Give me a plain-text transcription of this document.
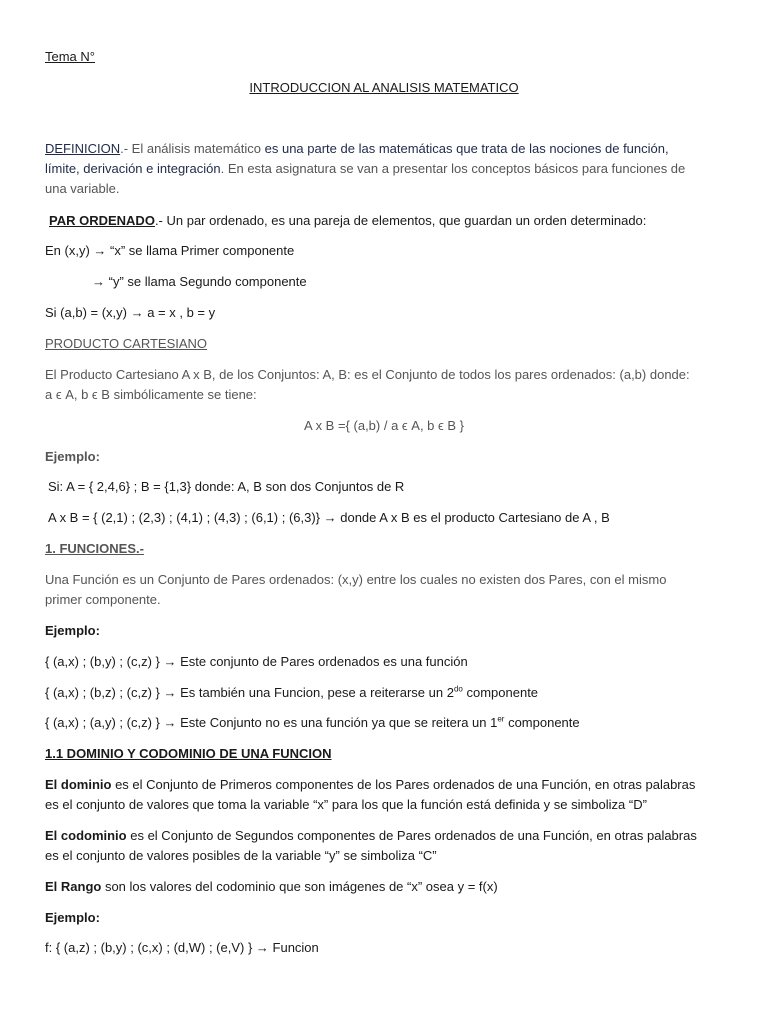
Tema N°
INTRODUCCION AL ANALISIS MATEMATICO
DEFINICION.- El análisis matemático es una parte de las matemáticas que trata de las nociones de función,
límite, derivación e integración. En esta asignatura se van a presentar los conceptos básicos para funciones de
una variable.
PAR ORDENADO.- Un par ordenado, es una pareja de elementos, que guardan un orden determinado:
En (x,y) → “x” se llama Primer componente
→ “y” se llama Segundo componente
Si (a,b) = (x,y) → a = x , b = y
PRODUCTO CARTESIANO
El Producto Cartesiano A x B, de los Conjuntos: A, B: es el Conjunto de todos los pares ordenados: (a,b) donde:
a ϵ A, b ϵ B simbólicamente se tiene:
A x B ={ (a,b) / a ϵ A, b ϵ B }
Ejemplo:
Si: A = { 2,4,6} ; B = {1,3} donde: A, B son dos Conjuntos de R
A x B = { (2,1) ; (2,3) ; (4,1) ; (4,3) ; (6,1) ; (6,3)} → donde A x B es el producto Cartesiano de A , B
1. FUNCIONES.-
Una Función es un Conjunto de Pares ordenados: (x,y) entre los cuales no existen dos Pares, con el mismo
primer componente.
Ejemplo:
{ (a,x) ; (b,y) ; (c,z) } → Este conjunto de Pares ordenados es una función
{ (a,x) ; (b,z) ; (c,z) } → Es también una Funcion, pese a reiterarse un $2^{do}$ componente
{ (a,x) ; (a,y) ; (c,z) } → Este Conjunto no es una función ya que se reitera un 1er componente
1.1 DOMINIO Y CODOMINIO DE UNA FUNCION
El dominio es el Conjunto de Primeros componentes de los Pares ordenados de una Función, en otras palabras
es el conjunto de valores que toma la variable “x” para los que la función está definida y se simboliza “D”
El codominio es el Conjunto de Segundos componentes de Pares ordenados de una Función, en otras palabras
es el conjunto de valores posibles de la variable “y” se simboliza “C”
El Rango son los valores del codominio que son imágenes de “x” osea y = f(x)
Ejemplo:
f: { (a,z) ; (b,y) ; (c,x) ; (d,W) ; (e,V) } → Funcion
